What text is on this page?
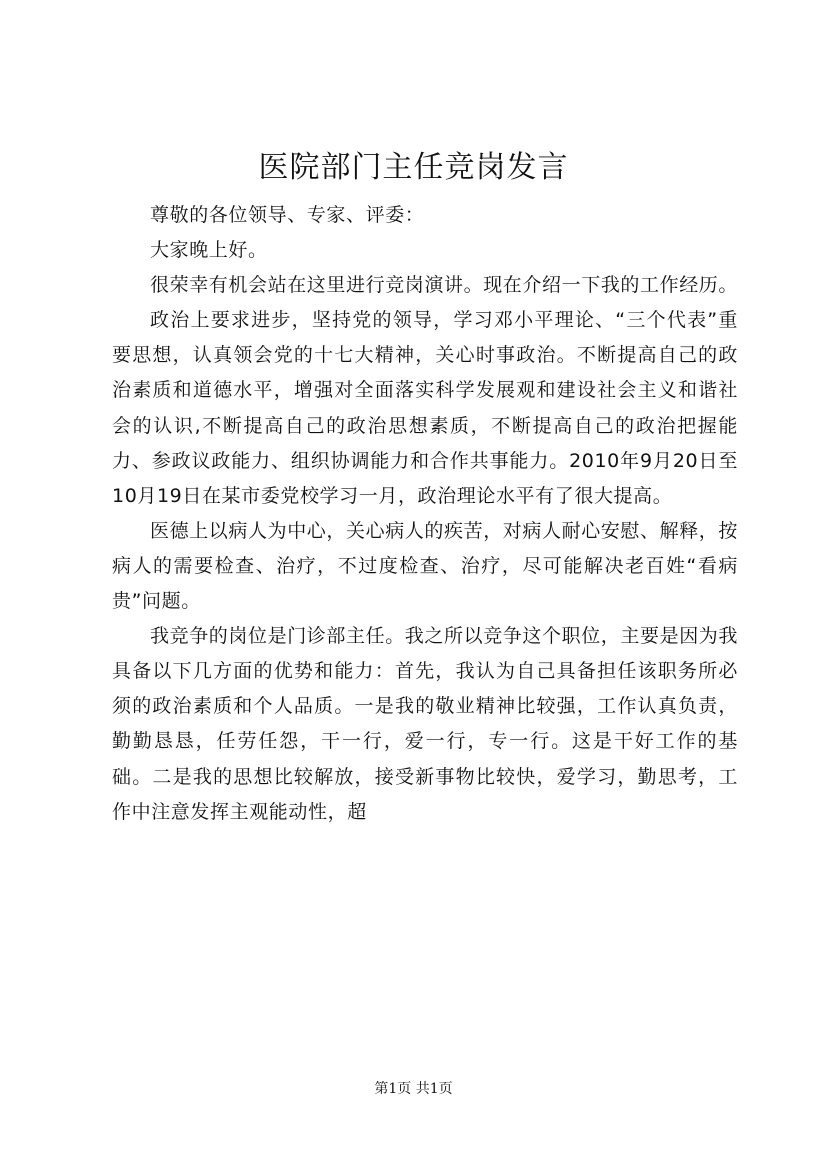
医院部门主任竞岗发言

尊敬的各位领导、专家、评委：

大家晚上好。

很荣幸有机会站在这里进行竞岗演讲。现在介绍一下我的工作经历。

政治上要求进步，坚持党的领导，学习邓小平理论、“三个代表”重要思想，认真领会党的十七大精神，关心时事政治。不断提高自己的政治素质和道德水平，增强对全面落实科学发展观和建设社会主义和谐社会的认识,不断提高自己的政治思想素质，不断提高自己的政治把握能力、参政议政能力、组织协调能力和合作共事能力。2010年9月20日至10月19日在某市委党校学习一月，政治理论水平有了很大提高。

医德上以病人为中心，关心病人的疾苦，对病人耐心安慰、解释，按病人的需要检查、治疗，不过度检查、治疗，尽可能解决老百姓“看病贵”问题。

我竞争的岗位是门诊部主任。我之所以竞争这个职位，主要是因为我具备以下几方面的优势和能力：首先，我认为自己具备担任该职务所必须的政治素质和个人品质。一是我的敬业精神比较强，工作认真负责，勤勤恳恳，任劳任怨，干一行，爱一行，专一行。这是干好工作的基础。二是我的思想比较解放，接受新事物比较快，爱学习，勤思考，工作中注意发挥主观能动性，超

第1页 共1页
